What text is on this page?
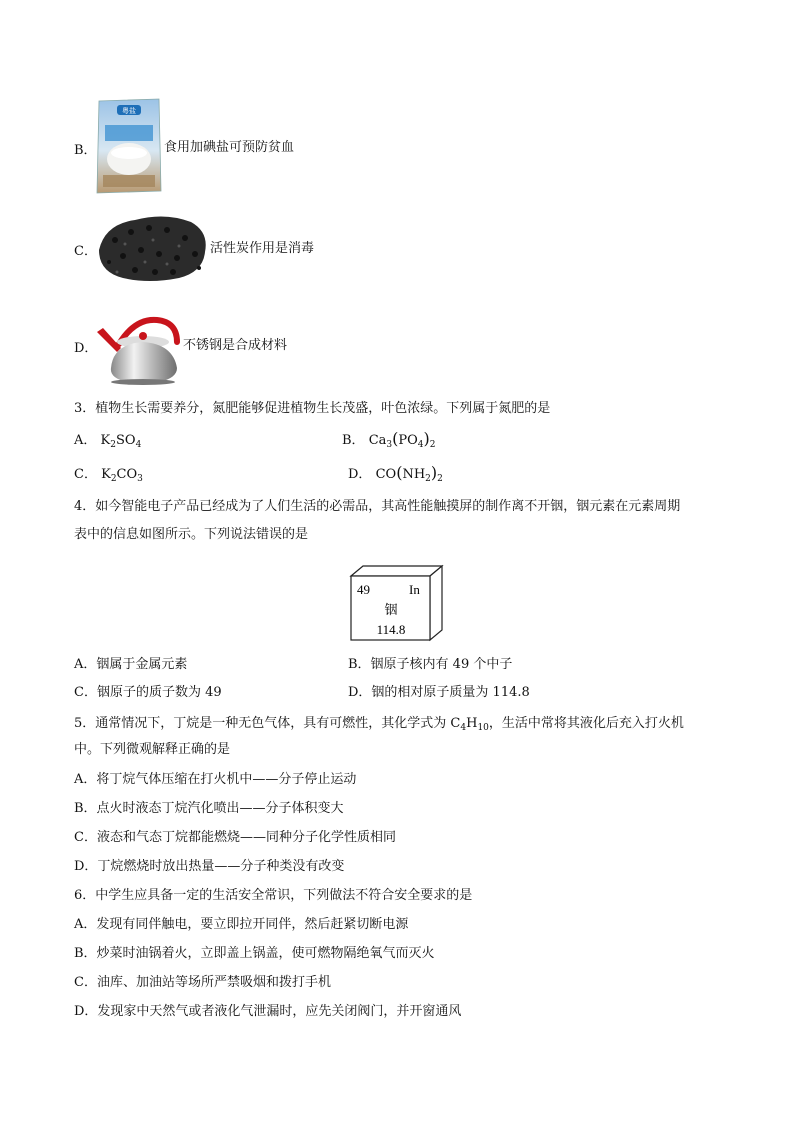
B．
粤盐
食用加碘盐可预防贫血
C．	活性炭作用是消毒
D．	不锈钢是合成材料
3．植物生长需要养分，氮肥能够促进植物生长茂盛，叶色浓绿。下列属于氮肥的是
A． $K_2SO_4$	B． $Ca_3(PO_4)_2$
C． $K_2CO_3$	D． $CO(NH_2)_2$
4．如今智能电子产品已经成为了人们生活的必需品，其高性能触摸屏的制作离不开铟，铟元素在元素周期
表中的信息如图所示。下列说法错误的是
49	In
铟
114.8
A．铟属于金属元素	B．铟原子核内有 49 个中子
C．铟原子的质子数为 49	D．铟的相对原子质量为 114.8
5．通常情况下，丁烷是一种无色气体，具有可燃性，其化学式为 $C_4H_{10}$，生活中常将其液化后充入打火机
中。下列微观解释正确的是
A．将丁烷气体压缩在打火机中——分子停止运动
B．点火时液态丁烷汽化喷出——分子体积变大
C．液态和气态丁烷都能燃烧——同种分子化学性质相同
D．丁烷燃烧时放出热量——分子种类没有改变
6．中学生应具备一定的生活安全常识，下列做法不符合安全要求的是
A．发现有同伴触电，要立即拉开同伴，然后赶紧切断电源
B．炒菜时油锅着火，立即盖上锅盖，使可燃物隔绝氧气而灭火
C．油库、加油站等场所严禁吸烟和拨打手机
D．发现家中天然气或者液化气泄漏时，应先关闭阀门，并开窗通风
